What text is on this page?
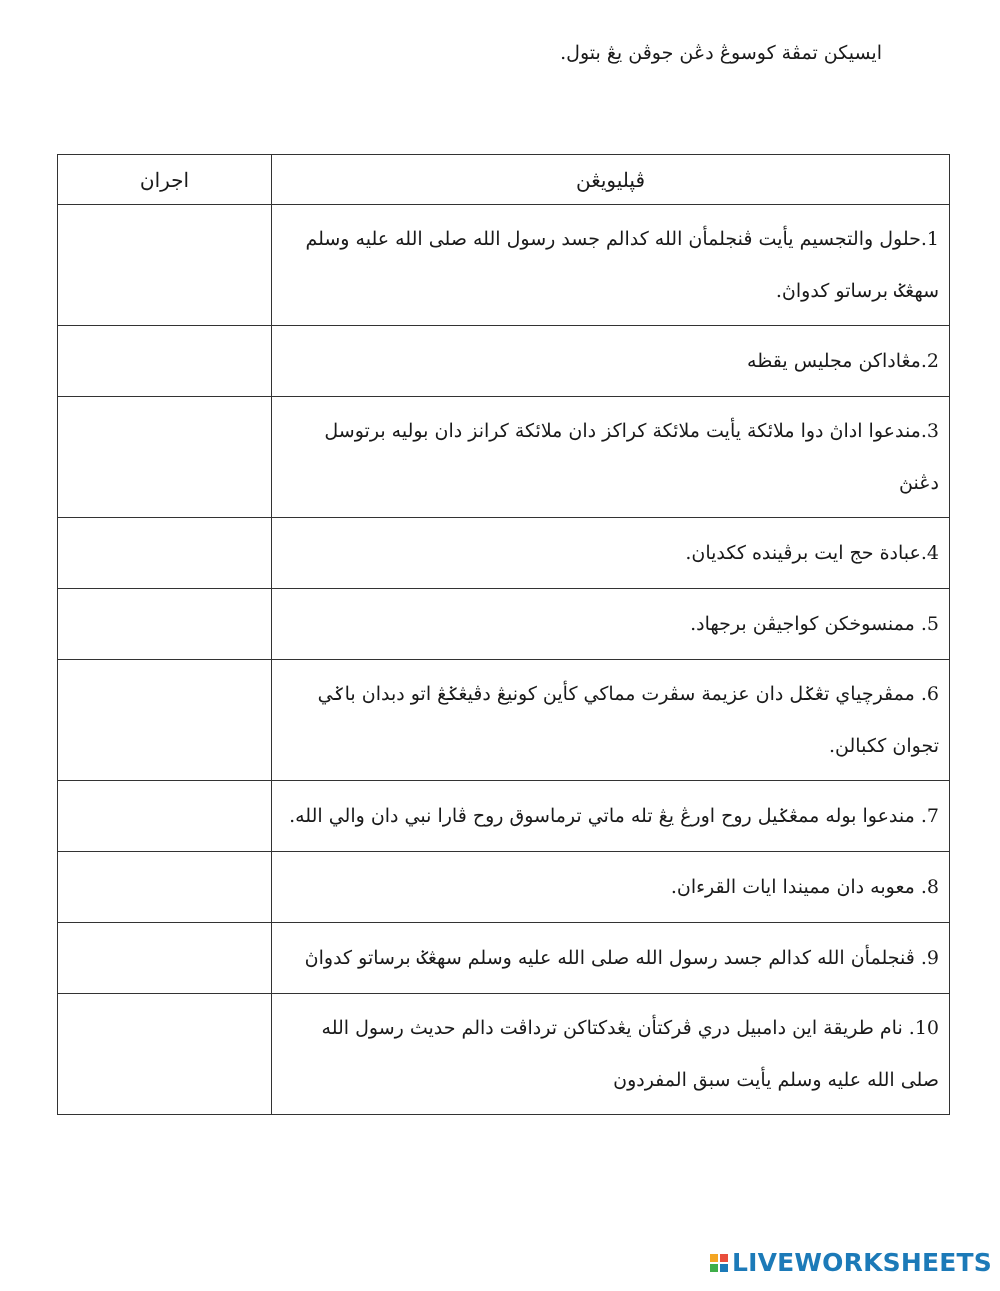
ايسيکن تمڤة کوسوڠ دڠن جوڤن يڠ بتول.
اجران	ڤپليويڠن

	1.حلول والتجسيم يأيت ڤنجلمأن الله كدالم جسد رسول الله صلى الله عليه وسلم سهڠݢ برساتو كدواڽ.

	2.مڠاداکن مجليس يقظه

	3.مندعوا اداڽ دوا ملائکة يأيت ملائکة كراكز دان ملائکة كرانز دان بوليه برتوسل دڠنڽ

	4.عبادة حج ايت برڤيندە ککديان.

	5. ممنسوخکن کواجيڤن برجهاد.

	6. ممڤرچياي تڠݢل دان عزيمة سڤرت مماكي كأين كونيڠ دڤيڠݢڠ اتو دبدان باݢي تجوان ككبالن.

	7. مندعوا بوله ممڠݢيل روح اورڠ يڠ تله ماتي ترماسوق روح ڤارا نبي دان والي الله.

	8. معوبه دان مميندا ايات القرءان.

	9. ڤنجلمأن الله كدالم جسد رسول الله صلى الله عليه وسلم سهڠݢ برساتو كدواڽ

	10. نام طريقة اين دامبيل دري ڤرکتأن يڠدکتاکن ترداڤت دالم حديث رسول الله صلى الله عليه وسلم يأيت سبق المفردون
LIVEWORKSHEETS
